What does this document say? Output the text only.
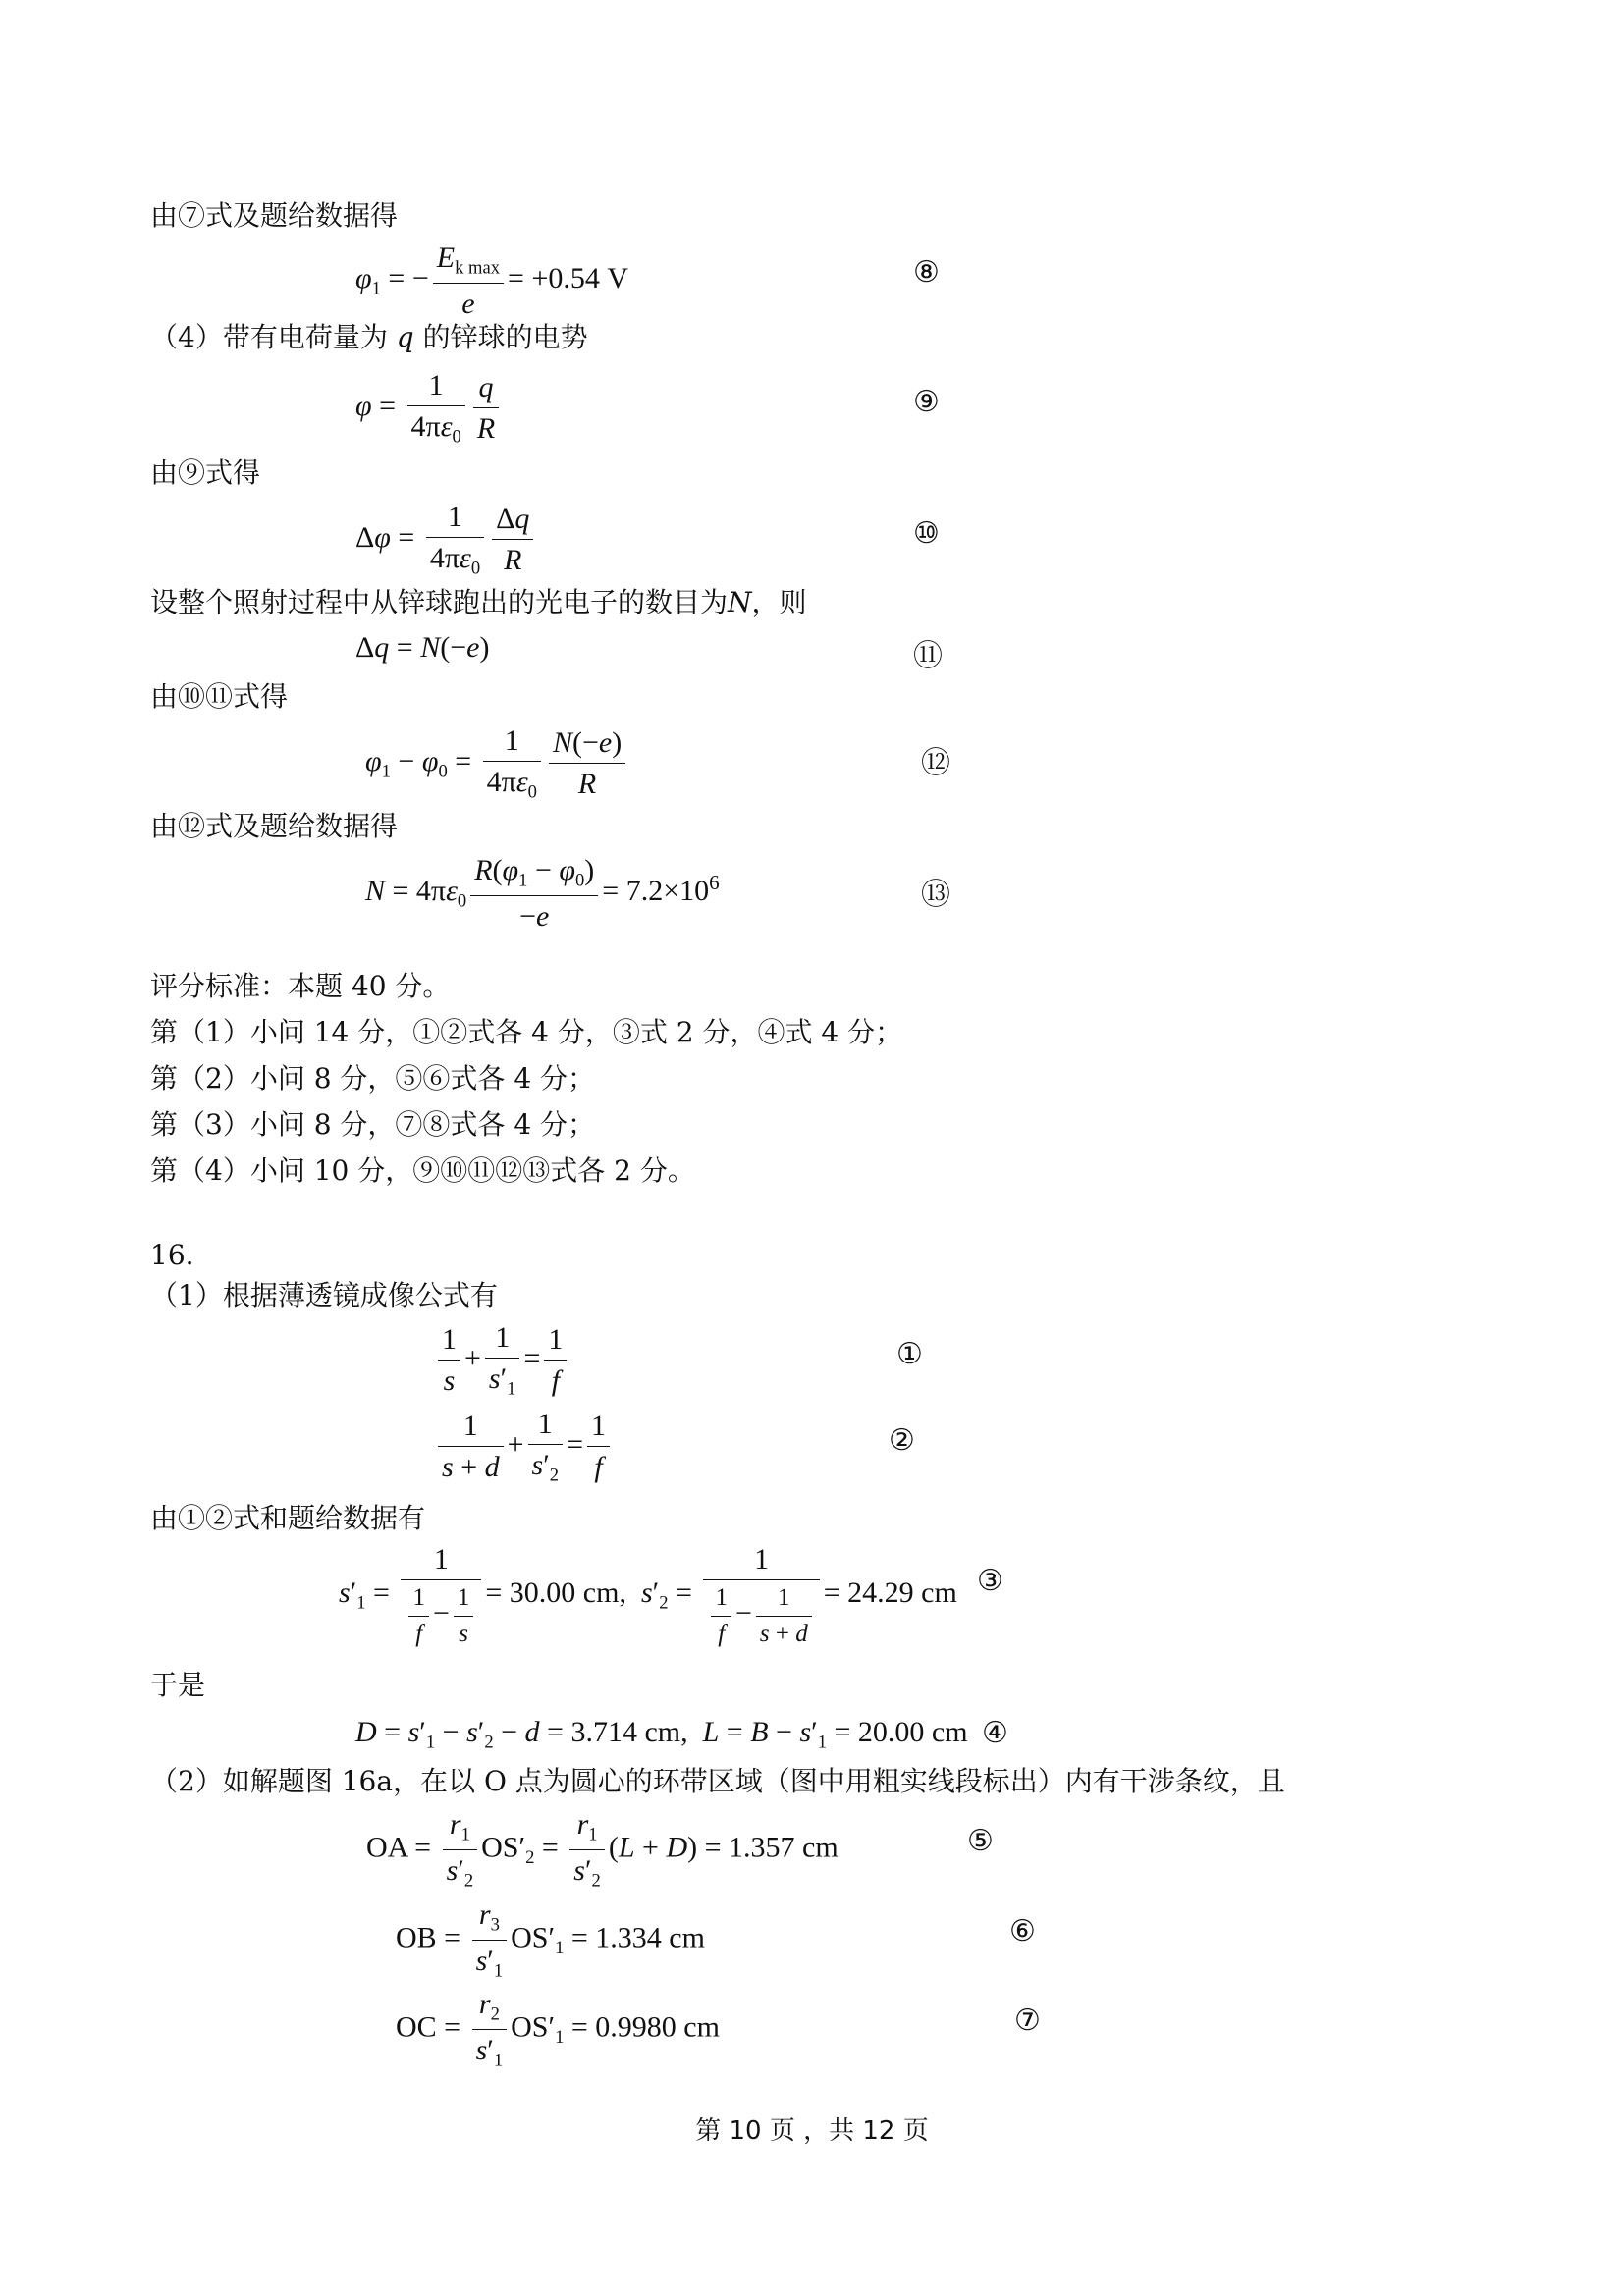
由⑦式及题给数据得
$\varphi_1$ = −
$E_{k max}$
e
= +0.54 V	⑧
（4）带有电荷量为 q 的锌球的电势
$\varphi = \frac{1}{4\pi\varepsilon_0} \frac{q}{R}$	⑨
由⑨式得
$\Delta\varphi = \frac{1}{4\pi\varepsilon_0} \frac{\Delta q}{R}$	⑩
设整个照射过程中从锌球跑出的光电子的数目为N，则
Δq = N(−e)	⑪
由⑩⑪式得
$\varphi_1 - \varphi_0 = \frac{1}{4\pi\varepsilon_0} \frac{N(-e)}{R}$	⑫
由⑫式及题给数据得
$N = 4\pi\varepsilon_0 \frac{R(\varphi_1 - \varphi_0)}{-e} = 7.2\times 10^6$	⑬
评分标准：本题 40 分。
第（1）小问 14 分，①②式各 4 分，③式 2 分，④式 4 分；
第（2）小问 8 分，⑤⑥式各 4 分；
第（3）小问 8 分，⑦⑧式各 4 分；
第（4）小问 10 分，⑨⑩⑪⑫⑬式各 2 分。
16.
（1）根据薄透镜成像公式有
$\frac{1}{s} + \frac{1}{s'_1} = \frac{1}{f}$	①
$\frac{1}{s + d} + \frac{1}{s'_2} = \frac{1}{f}$	②
由①②式和题给数据有
$s'_1 = \frac{1}{\frac{1}{f} - \frac{1}{s}} = 30.00$ cm, $s'_2 = \frac{1}{\frac{1}{f} - \frac{1}{s + d}} = 24.29$ cm ③
于是
$D = s'_1 - s'_2 - d = 3.714$ cm, $L = B - s'_1 = 20.00$ cm ④
（2）如解题图 16a，在以 O 点为圆心的环带区域（图中用粗实线段标出）内有干涉条纹，且
OA = $\frac{r_1}{s'_2} OS'_2 = \frac{r_1}{s'_2} (L + D) = 1.357$ cm	⑤
OB = $\frac{r_3}{s'_1} OS'_1 = 1.334$ cm	⑥
OC = $\frac{r_2}{s'_1} OS'_1 = 0.9980$ cm	⑦
第 10 页 ，共 12 页
